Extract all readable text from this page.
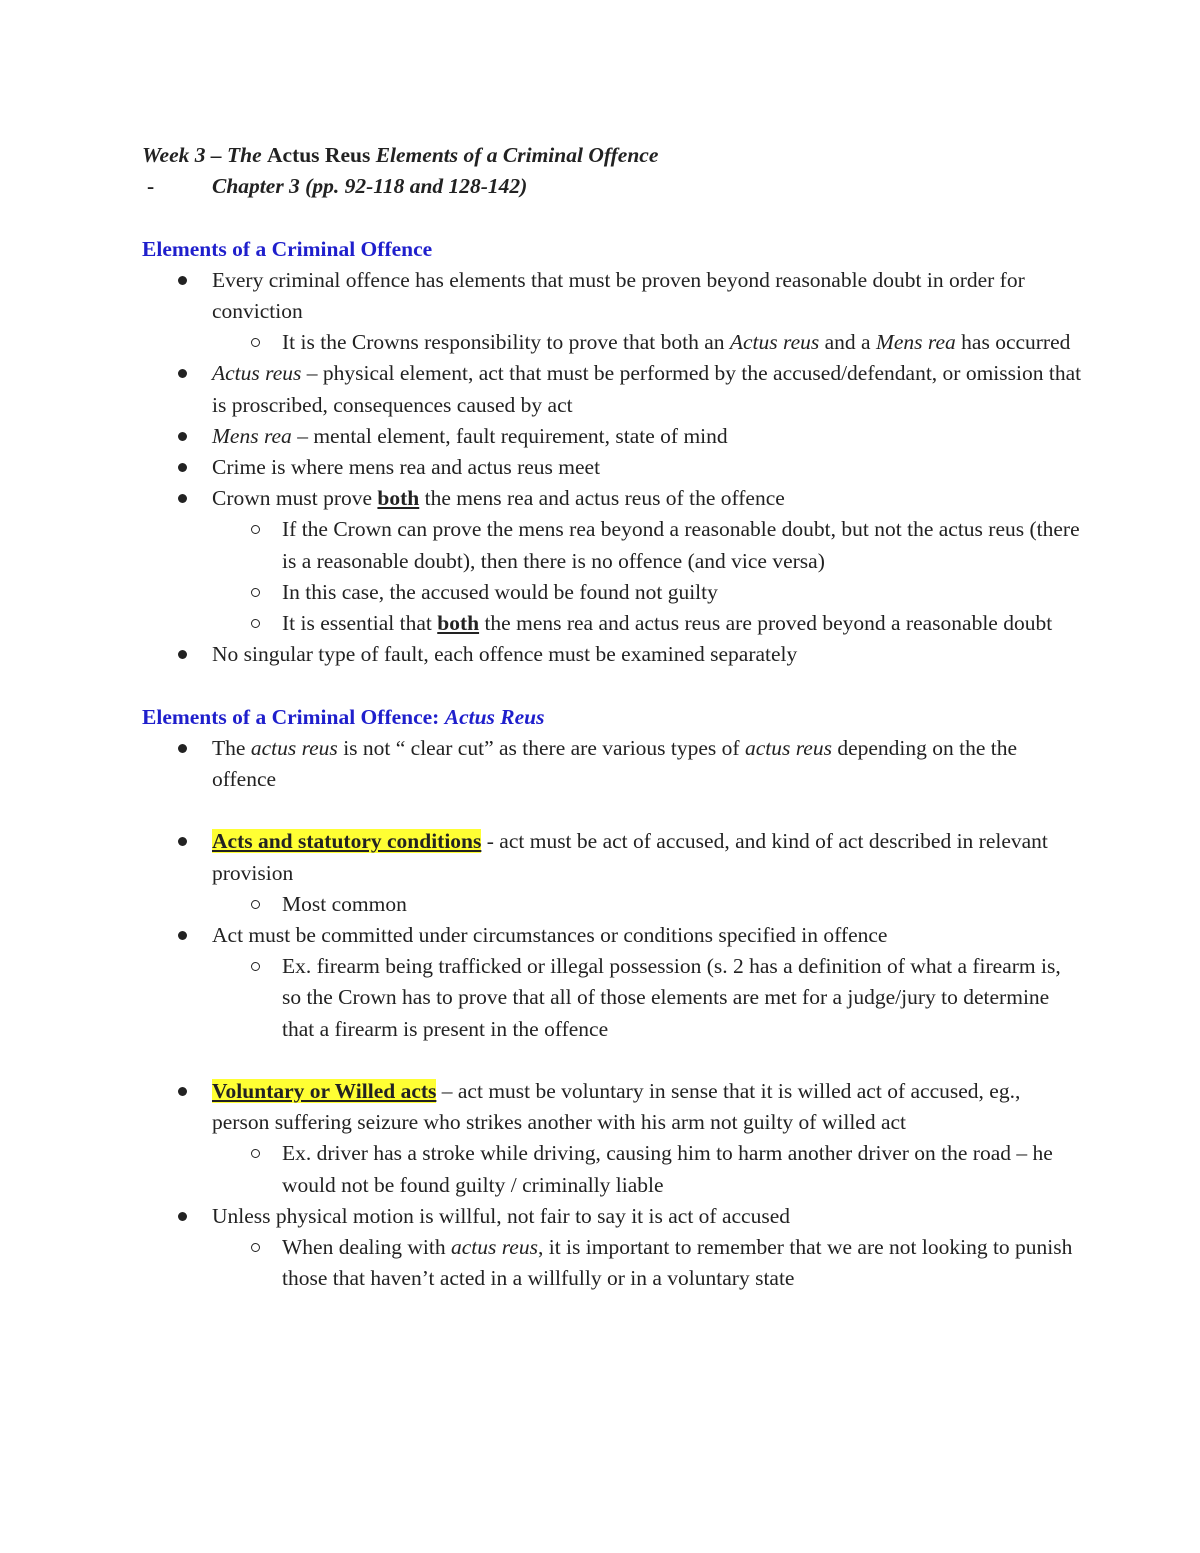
Week 3 – The Actus Reus Elements of a Criminal Offence
-	Chapter 3 (pp. 92-118 and 128-142)
Elements of a Criminal Offence
Every criminal offence has elements that must be proven beyond reasonable doubt in order for conviction
It is the Crowns responsibility to prove that both an Actus reus and a Mens rea has occurred
Actus reus – physical element, act that must be performed by the accused/defendant, or omission that is proscribed, consequences caused by act
Mens rea – mental element, fault requirement, state of mind
Crime is where mens rea and actus reus meet
Crown must prove both the mens rea and actus reus of the offence
If the Crown can prove the mens rea beyond a reasonable doubt, but not the actus reus (there is a reasonable doubt), then there is no offence (and vice versa)
In this case, the accused would be found not guilty
It is essential that both the mens rea and actus reus are proved beyond a reasonable doubt
No singular type of fault, each offence must be examined separately
Elements of a Criminal Offence: Actus Reus
The actus reus is not “ clear cut” as there are various types of actus reus depending on the the offence
Acts and statutory conditions - act must be act of accused, and kind of act described in relevant provision
Most common
Act must be committed under circumstances or conditions specified in offence
Ex. firearm being trafficked or illegal possession (s. 2 has a definition of what a firearm is, so the Crown has to prove that all of those elements are met for a judge/jury to determine that a firearm is present in the offence
Voluntary or Willed acts – act must be voluntary in sense that it is willed act of accused, eg., person suffering seizure who strikes another with his arm not guilty of willed act
Ex. driver has a stroke while driving, causing him to harm another driver on the road – he would not be found guilty / criminally liable
Unless physical motion is willful, not fair to say it is act of accused
When dealing with actus reus, it is important to remember that we are not looking to punish those that haven’t acted in a willfully or in a voluntary state
